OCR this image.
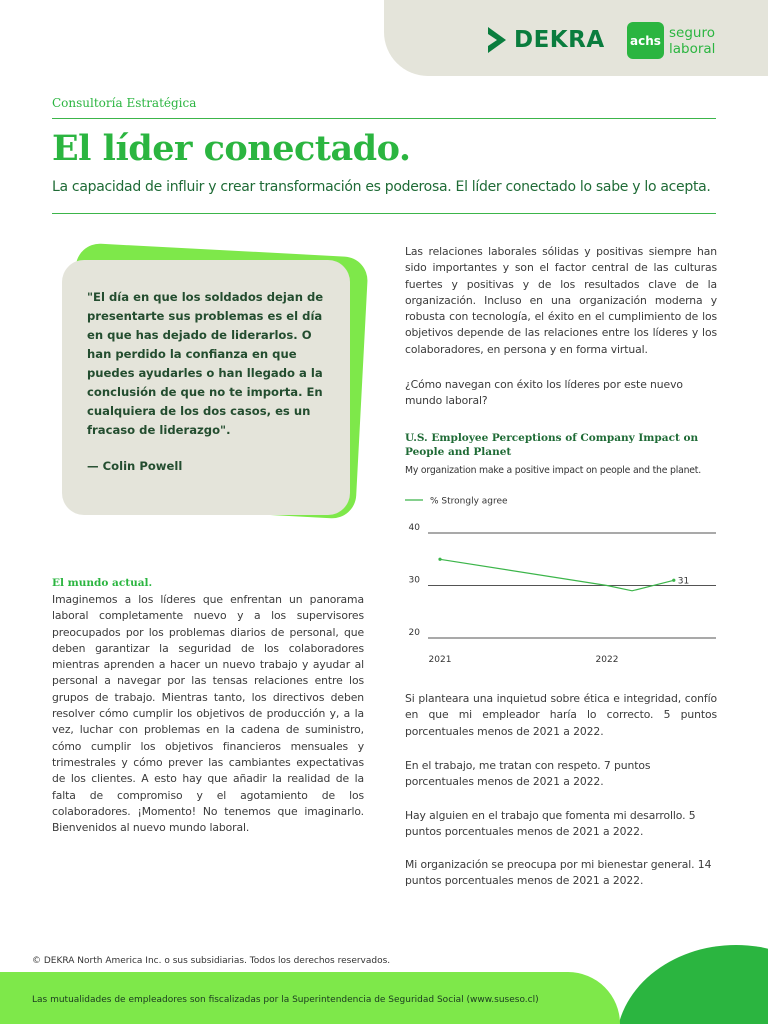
DEKRA achs seguro
laboral
Consultoría Estratégica
El líder conectado.

La capacidad de influir y crear transformación es poderosa. El líder conectado lo sabe y lo acepta.

"El día en que los soldados dejan de presentarte sus problemas es el día en que has dejado de liderarlos. O han perdido la confianza en que puedes ayudarles o han llegado a la conclusión de que no te importa. En cualquiera de los dos casos, es un fracaso de liderazgo".

— Colin Powell

El mundo actual.

Imaginemos a los líderes que enfrentan un panorama laboral completamente nuevo y a los supervisores preocupados por los problemas diarios de personal, que deben garantizar la seguridad de los colaboradores mientras aprenden a hacer un nuevo trabajo y ayudar al personal a navegar por las tensas relaciones entre los grupos de trabajo. Mientras tanto, los directivos deben resolver cómo cumplir los objetivos de producción y, a la vez, luchar con problemas en la cadena de suministro, cómo cumplir los objetivos financieros mensuales y trimestrales y cómo prever las cambiantes expectativas de los clientes. A esto hay que añadir la realidad de la falta de compromiso y el agotamiento de los colaboradores. ¡Momento! No tenemos que imaginarlo. Bienvenidos al nuevo mundo laboral.

Las relaciones laborales sólidas y positivas siempre han sido importantes y son el factor central de las culturas fuertes y positivas y de los resultados clave de la organización. Incluso en una organización moderna y robusta con tecnología, el éxito en el cumplimiento de los objetivos depende de las relaciones entre los líderes y los colaboradores, en persona y en forma virtual.

¿Cómo navegan con éxito los líderes por este nuevo mundo laboral?

U.S. Employee Perceptions of Company Impact on People and Planet
My organization make a positive impact on people and the planet.
% Strongly agree
20
30
40
2021	2022
31

Si planteara una inquietud sobre ética e integridad, confío en que mi empleador haría lo correcto. 5 puntos porcentuales menos de 2021 a 2022.

En el trabajo, me tratan con respeto. 7 puntos porcentuales menos de 2021 a 2022.

Hay alguien en el trabajo que fomenta mi desarrollo. 5 puntos porcentuales menos de 2021 a 2022.

Mi organización se preocupa por mi bienestar general. 14 puntos porcentuales menos de 2021 a 2022.

© DEKRA North America Inc. o sus subsidiarias. Todos los derechos reservados.
Las mutualidades de empleadores son fiscalizadas por la Superintendencia de Seguridad Social (www.suseso.cl)
